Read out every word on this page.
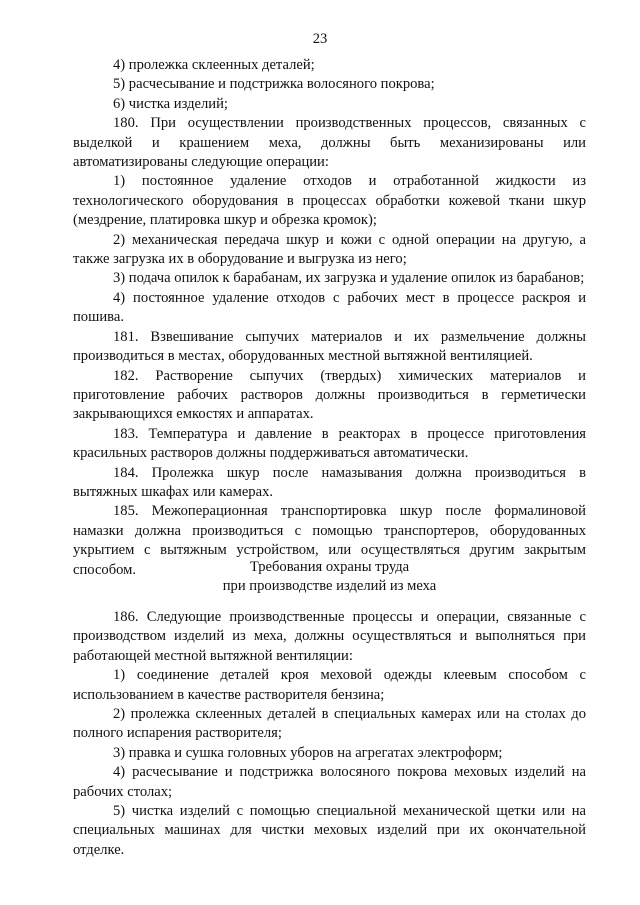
23

4) пролежка склеенных деталей;

5) расчесывание и подстрижка волосяного покрова;

6) чистка изделий;

180. При осуществлении производственных процессов, связанных с выделкой и крашением меха, должны быть механизированы или автоматизированы следующие операции:

1) постоянное удаление отходов и отработанной жидкости из технологического оборудования в процессах обработки кожевой ткани шкур (мездрение, платировка шкур и обрезка кромок);

2) механическая передача шкур и кожи с одной операции на другую, а также загрузка их в оборудование и выгрузка из него;

3) подача опилок к барабанам, их загрузка и удаление опилок из барабанов;

4) постоянное удаление отходов с рабочих мест в процессе раскроя и пошива.

181. Взвешивание сыпучих материалов и их размельчение должны производиться в местах, оборудованных местной вытяжной вентиляцией.

182. Растворение сыпучих (твердых) химических материалов и приготовление рабочих растворов должны производиться в герметически закрывающихся емкостях и аппаратах.

183. Температура и давление в реакторах в процессе приготовления красильных растворов должны поддерживаться автоматически.

184. Пролежка шкур после намазывания должна производиться в вытяжных шкафах или камерах.

185. Межоперационная транспортировка шкур после формалиновой намазки должна производиться с помощью транспортеров, оборудованных укрытием с вытяжным устройством, или осуществляться другим закрытым способом.	Требования охраны труда
при производстве изделий из меха

186. Следующие производственные процессы и операции, связанные с производством изделий из меха, должны осуществляться и выполняться при работающей местной вытяжной вентиляции:

1) соединение деталей кроя меховой одежды клеевым способом с использованием в качестве растворителя бензина;

2) пролежка склеенных деталей в специальных камерах или на столах до полного испарения растворителя;

3) правка и сушка головных уборов на агрегатах электроформ;

4) расчесывание и подстрижка волосяного покрова меховых изделий на рабочих столах;

5) чистка изделий с помощью специальной механической щетки или на специальных машинах для чистки меховых изделий при их окончательной отделке.
